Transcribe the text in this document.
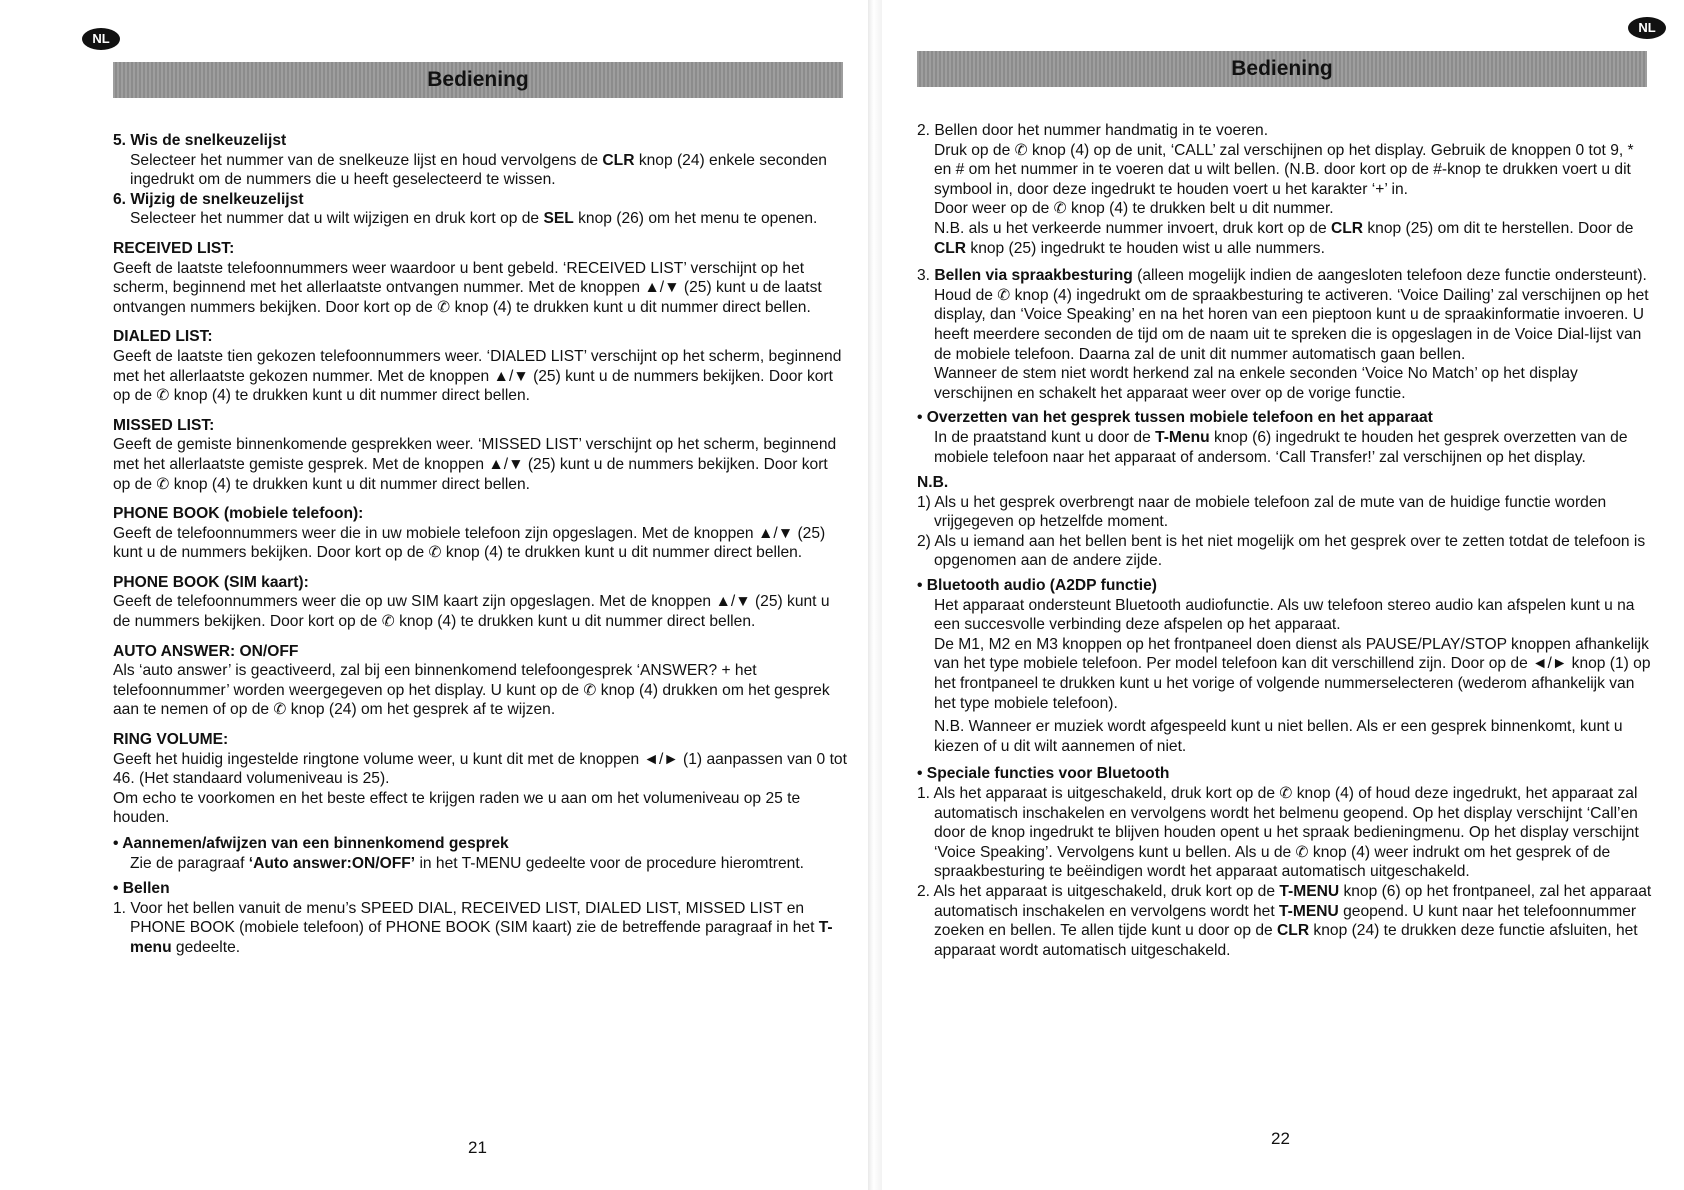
NL
Bediening

5. Wis de snelkeuzelijst

Selecteer het nummer van de snelkeuze lijst en houd vervolgens de CLR knop (24) enkele seconden ingedrukt om de nummers die u heeft geselecteerd te wissen.

6. Wijzig de snelkeuzelijst

Selecteer het nummer dat u wilt wijzigen en druk kort op de SEL knop (26) om het menu te openen.

RECEIVED LIST:

Geeft de laatste telefoonnummers weer waardoor u bent gebeld. ‘RECEIVED LIST’ verschijnt op het scherm, beginnend met het allerlaatste ontvangen nummer. Met de knoppen ▲/▼ (25) kunt u de laatst ontvangen nummers bekijken. Door kort op de ✆ knop (4) te drukken kunt u dit nummer direct bellen.

DIALED LIST:

Geeft de laatste tien gekozen telefoonnummers weer. ‘DIALED LIST’ verschijnt op het scherm, beginnend met het allerlaatste gekozen nummer. Met de knoppen ▲/▼ (25) kunt u de nummers bekijken. Door kort op de ✆ knop (4) te drukken kunt u dit nummer direct bellen.

MISSED LIST:

Geeft de gemiste binnenkomende gesprekken weer. ‘MISSED LIST’ verschijnt op het scherm, beginnend met het allerlaatste gemiste gesprek. Met de knoppen ▲/▼ (25) kunt u de nummers bekijken. Door kort op de ✆ knop (4) te drukken kunt u dit nummer direct bellen.

PHONE BOOK (mobiele telefoon):

Geeft de telefoonnummers weer die in uw mobiele telefoon zijn opgeslagen. Met de knoppen ▲/▼ (25) kunt u de nummers bekijken. Door kort op de ✆ knop (4) te drukken kunt u dit nummer direct bellen.

PHONE BOOK (SIM kaart):

Geeft de telefoonnummers weer die op uw SIM kaart zijn opgeslagen. Met de knoppen ▲/▼ (25) kunt u de nummers bekijken. Door kort op de ✆ knop (4) te drukken kunt u dit nummer direct bellen.

AUTO ANSWER: ON/OFF

Als ‘auto answer’ is geactiveerd, zal bij een binnenkomend telefoongesprek ‘ANSWER? + het telefoonnummer’ worden weergegeven op het display. U kunt op de ✆ knop (4) drukken om het gesprek aan te nemen of op de ✆ knop (24) om het gesprek af te wijzen.

RING VOLUME:

Geeft het huidig ingestelde ringtone volume weer, u kunt dit met de knoppen ◄/► (1) aanpassen van 0 tot 46. (Het standaard volumeniveau is 25).

Om echo te voorkomen en het beste effect te krijgen raden we u aan om het volumeniveau op 25 te houden.

• Aannemen/afwijzen van een binnenkomend gesprek

Zie de paragraaf ‘Auto answer:ON/OFF’ in het T-MENU gedeelte voor de procedure hieromtrent.

• Bellen

1. Voor het bellen vanuit de menu’s SPEED DIAL, RECEIVED LIST, DIALED LIST, MISSED LIST en PHONE BOOK (mobiele telefoon) of PHONE BOOK (SIM kaart) zie de betreffende paragraaf in het T-menu gedeelte.

21
NL
Bediening

2. Bellen door het nummer handmatig in te voeren.

Druk op de ✆ knop (4) op de unit, ‘CALL’ zal verschijnen op het display. Gebruik de knoppen 0 tot 9, * en # om het nummer in te voeren dat u wilt bellen. (N.B. door kort op de #-knop te drukken voert u dit symbool in, door deze ingedrukt te houden voert u het karakter ‘+’ in.

Door weer op de ✆ knop (4) te drukken belt u dit nummer.

N.B. als u het verkeerde nummer invoert, druk kort op de CLR knop (25) om dit te herstellen. Door de CLR knop (25) ingedrukt te houden wist u alle nummers.

3. Bellen via spraakbesturing (alleen mogelijk indien de aangesloten telefoon deze functie ondersteunt).

Houd de ✆ knop (4) ingedrukt om de spraakbesturing te activeren. ‘Voice Dailing’ zal verschijnen op het display, dan ‘Voice Speaking’ en na het horen van een pieptoon kunt u de spraakinformatie invoeren. U heeft meerdere seconden de tijd om de naam uit te spreken die is opgeslagen in de Voice Dial-lijst van de mobiele telefoon. Daarna zal de unit dit nummer automatisch gaan bellen.

Wanneer de stem niet wordt herkend zal na enkele seconden ‘Voice No Match’ op het display verschijnen en schakelt het apparaat weer over op de vorige functie.

• Overzetten van het gesprek tussen mobiele telefoon en het apparaat

In de praatstand kunt u door de T-Menu knop (6) ingedrukt te houden het gesprek overzetten van de mobiele telefoon naar het apparaat of andersom. ‘Call Transfer!’ zal verschijnen op het display.

N.B.

1) Als u het gesprek overbrengt naar de mobiele telefoon zal de mute van de huidige functie worden vrijgegeven op hetzelfde moment.

2) Als u iemand aan het bellen bent is het niet mogelijk om het gesprek over te zetten totdat de telefoon is opgenomen aan de andere zijde.

• Bluetooth audio (A2DP functie)

Het apparaat ondersteunt Bluetooth audiofunctie. Als uw telefoon stereo audio kan afspelen kunt u na een succesvolle verbinding deze afspelen op het apparaat.

De M1, M2 en M3 knoppen op het frontpaneel doen dienst als PAUSE/PLAY/STOP knoppen afhankelijk van het type mobiele telefoon. Per model telefoon kan dit verschillend zijn. Door op de ◄/► knop (1) op het frontpaneel te drukken kunt u het vorige of volgende nummerselecteren (wederom afhankelijk van het type mobiele telefoon).

N.B. Wanneer er muziek wordt afgespeeld kunt u niet bellen. Als er een gesprek binnenkomt, kunt u kiezen of u dit wilt aannemen of niet.

• Speciale functies voor Bluetooth

1. Als het apparaat is uitgeschakeld, druk kort op de ✆ knop (4) of houd deze ingedrukt, het apparaat zal automatisch inschakelen en vervolgens wordt het belmenu geopend. Op het display verschijnt ‘Call’en door de knop ingedrukt te blijven houden opent u het spraak bedieningmenu. Op het display verschijnt ‘Voice Speaking’. Vervolgens kunt u bellen. Als u de ✆ knop (4) weer indrukt om het gesprek of de spraakbesturing te beëindigen wordt het apparaat automatisch uitgeschakeld.

2. Als het apparaat is uitgeschakeld, druk kort op de T-MENU knop (6) op het frontpaneel, zal het apparaat automatisch inschakelen en vervolgens wordt het T-MENU geopend. U kunt naar het telefoonnummer zoeken en bellen. Te allen tijde kunt u door op de CLR knop (24) te drukken deze functie afsluiten, het apparaat wordt automatisch uitgeschakeld.

22
